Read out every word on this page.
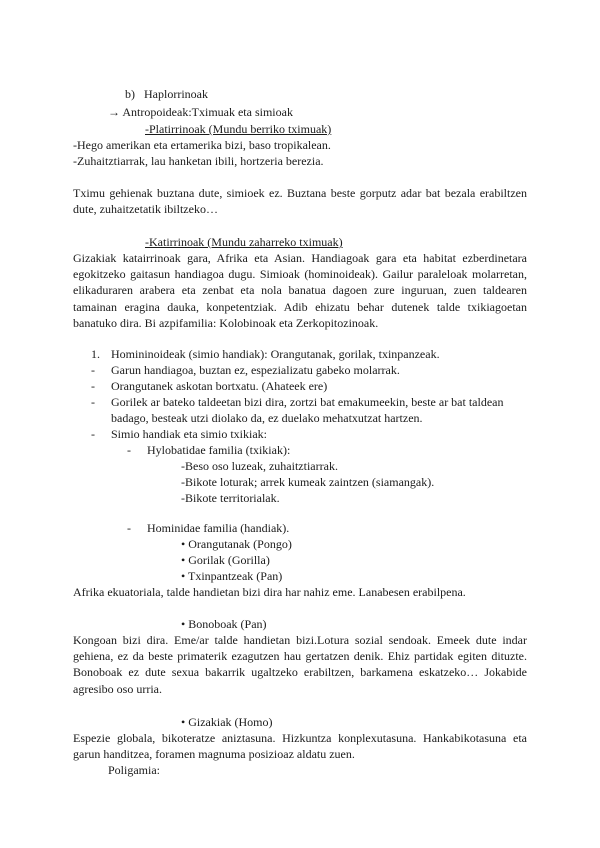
b) Haplorrinoak
→ Antropoideak:Tximuak eta simioak
-Platirrinoak (Mundu berriko tximuak)
-Hego amerikan eta ertamerika bizi, baso tropikalean.
-Zuhaitztiarrak, lau hanketan ibili, hortzeria berezia.
Tximu gehienak buztana dute, simioek ez. Buztana beste gorputz adar bat bezala erabiltzen dute, zuhaitzetatik ibiltzeko…
-Katirrinoak (Mundu zaharreko tximuak)
Gizakiak katairrinoak gara, Afrika eta Asian. Handiagoak gara eta habitat ezberdinetara egokitzeko gaitasun handiagoa dugu. Simioak (hominoideak). Gailur paraleloak molarretan, elikaduraren arabera eta zenbat eta nola banatua dagoen zure inguruan, zuen taldearen tamainan eragina dauka, konpetentziak. Adib ehizatu behar dutenek talde txikiagoetan banatuko dira. Bi azpifamilia: Kolobinoak eta Zerkopitozinoak.
1. Homininoideak (simio handiak): Orangutanak, gorilak, txinpanzeak.
- Garun handiagoa, buztan ez, espezializatu gabeko molarrak.
- Orangutanek askotan bortxatu. (Ahateek ere)
- Gorilek ar bateko taldeetan bizi dira, zortzi bat emakumeekin, beste ar bat taldean
badago, besteak utzi diolako da, ez duelako mehatxutzat hartzen.
- Simio handiak eta simio txikiak:
- Hylobatidae familia (txikiak):
-Beso oso luzeak, zuhaitztiarrak.
-Bikote loturak; arrek kumeak zaintzen (siamangak).
-Bikote territorialak.
- Hominidae familia (handiak).
• Orangutanak (Pongo)
• Gorilak (Gorilla)
• Txinpantzeak (Pan)
Afrika ekuatoriala, talde handietan bizi dira har nahiz eme. Lanabesen erabilpena.
• Bonoboak (Pan)
Kongoan bizi dira. Eme/ar talde handietan bizi.Lotura sozial sendoak. Emeek dute indar gehiena, ez da beste primaterik ezagutzen hau gertatzen denik. Ehiz partidak egiten dituzte. Bonoboak ez dute sexua bakarrik ugaltzeko erabiltzen, barkamena eskatzeko… Jokabide agresibo oso urria.
• Gizakiak (Homo)
Espezie globala, bikoteratze aniztasuna. Hizkuntza konplexutasuna. Hankabikotasuna eta garun handitzea, foramen magnuma posizioaz aldatu zuen.
Poligamia:
